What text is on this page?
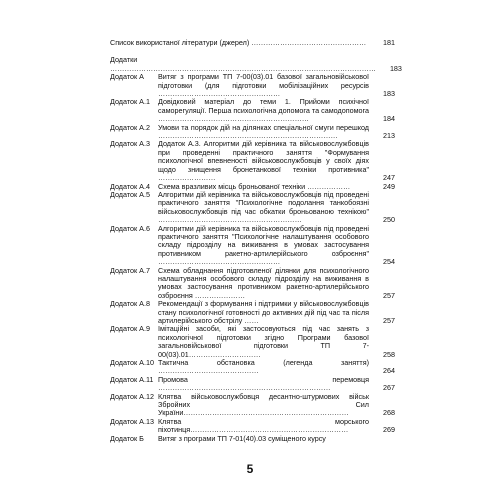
Список використаної літератури (джерел) …………………………………………	181
Додатки …………………………………………………………………………………………………	183
Додаток А	Витяг з програми ТП 7-00(03).01 базової загальновійськової підготовки (для підготовки мобілізаційних ресурсів ……………………………………………	183
Додаток А.1	Довідковий матеріал до теми 1. Прийоми психічної саморегуляції. Перша психологічна допомога та самодопомога ………………………………………………………	184
Додаток А.2	Умови та порядок дій на ділянках спеціальної смуги перешкод …………………………………………………………………	213
Додаток А.3	Додаток А.3. Алгоритми дій керівника та військовослужбовців при проведенні практичного заняття "Формування психологічної впевненості військовослужбовців у своїх діях щодо знищення бронетанкової техніки противника" ……………………	247
Додаток А.4	Схема вразливих місць броньованої техніки ………………	249
Додаток А.5	Алгоритми дій керівника та військовослужбовців під проведені практичного заняття "Психологічне подолання танкобоязні військовослужбовців під час обкатки броньованою технікою" ……………………………………………………	250
Додаток А.6	Алгоритми дій керівника та військовослужбовців під проведені практичного заняття "Психологічне налаштування особового складу підрозділу на виживання в умовах застосування противником ракетно-артилерійського озброєння" ……………………………………………	254
Додаток А.7	Схема обладнання підготовленої ділянки для психологічного налаштування особового складу підрозділу на виживання в умовах застосування противником ракетно-артилерійського озброєння …………………	257
Додаток А.8	Рекомендації з формування і підтримки у військовослужбовців стану психологічної готовності до активних дій під час та після артилерійського обстрілу ……	257
Додаток А.9	Імітаційні засоби, які застосовуються під час занять з психологічної підготовки згідно Програми базової загальновійськової підготовки ТП 7-00(03).01…………………………	258
Додаток А.10 Тактична обстановка (легенда заняття) ……………………………………	264
Додаток А.11 Промова перемовця ………………………………………………………………	267
Додаток А.12 Клятва військовослужбовця десантно-штурмових військ Збройних Сил України……………………………………………………………	268
Додаток А.13 Клятва морського піхотинця…………………………………………………………	269
Додаток Б	Витяг з програми ТП 7-01(40).03 суміщеного курсу
5
